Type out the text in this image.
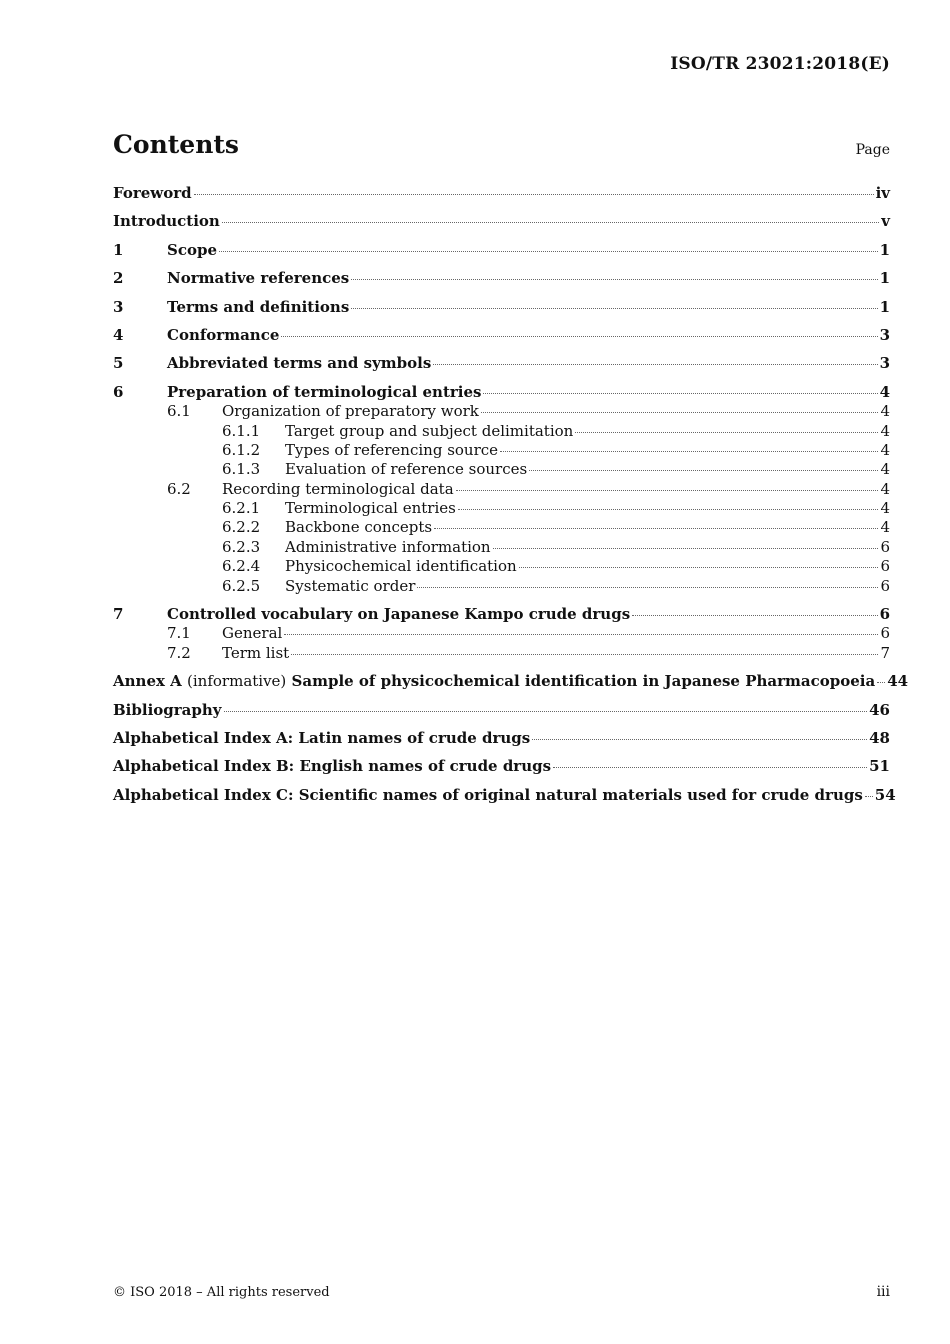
ISO/TR 23021:2018(E)
Contents	Page
Foreword	iv
Introduction	v
1	Scope	1
2	Normative references	1
3	Terms and definitions	1
4	Conformance	3
5	Abbreviated terms and symbols	3
6	Preparation of terminological entries	4
6.1	Organization of preparatory work	4
6.1.1	Target group and subject delimitation	4
6.1.2	Types of referencing source	4
6.1.3	Evaluation of reference sources	4
6.2	Recording terminological data	4
6.2.1	Terminological entries	4
6.2.2	Backbone concepts	4
6.2.3	Administrative information	6
6.2.4	Physicochemical identification	6
6.2.5	Systematic order	6
7	Controlled vocabulary on Japanese Kampo crude drugs	6
7.1	General	6
7.2	Term list	7
Annex A (informative) Sample of physicochemical identification in Japanese Pharmacopoeia 44
Bibliography	46
Alphabetical Index A: Latin names of crude drugs	48
Alphabetical Index B: English names of crude drugs	51
Alphabetical Index C: Scientific names of original natural materials used for crude drugs 54
© ISO 2018 – All rights reserved	iii
